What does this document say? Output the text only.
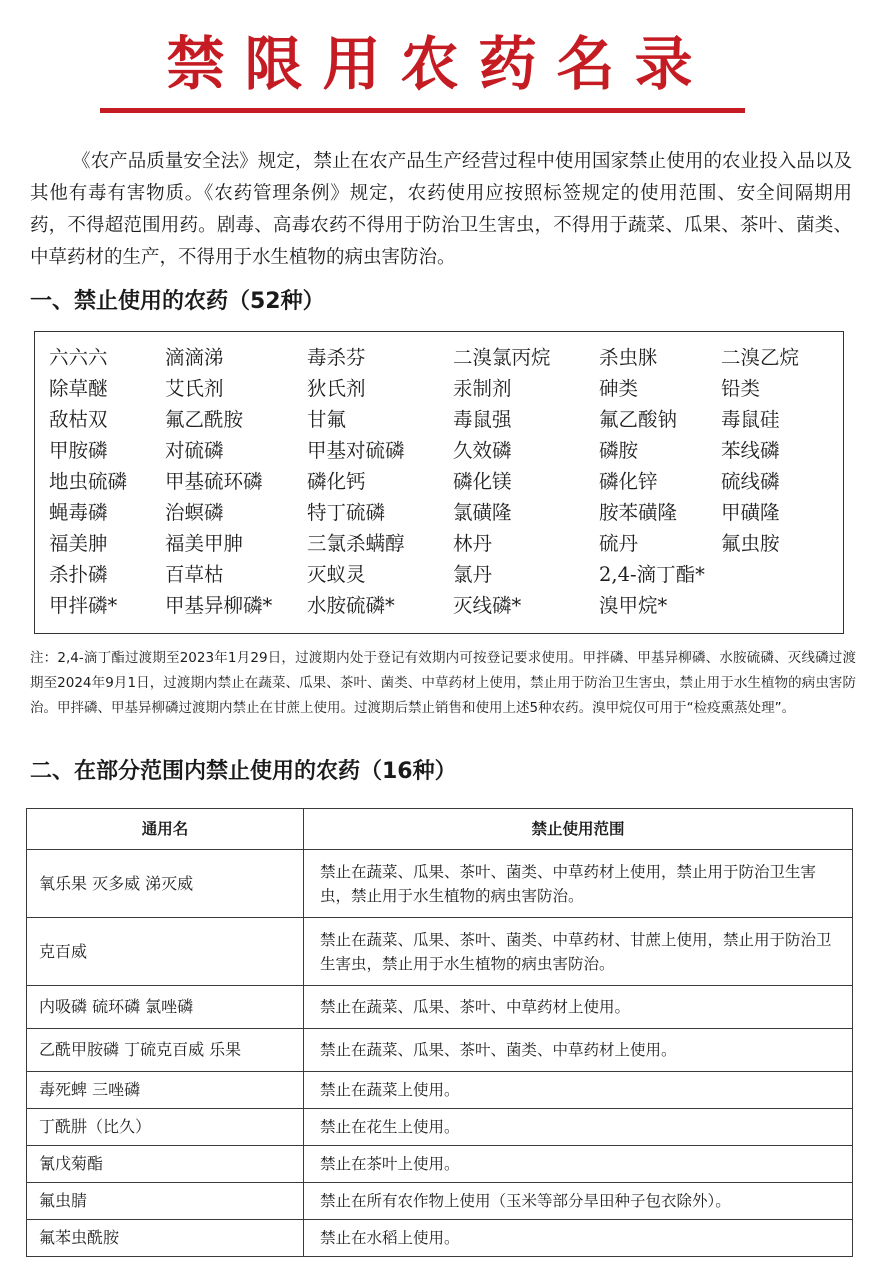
禁限用农药名录

《农产品质量安全法》规定，禁止在农产品生产经营过程中使用国家禁止使用的农业投入品以及其他有毒有害物质。《农药管理条例》规定，农药使用应按照标签规定的使用范围、安全间隔期用药，不得超范围用药。剧毒、高毒农药不得用于防治卫生害虫，不得用于蔬菜、瓜果、茶叶、菌类、中草药材的生产，不得用于水生植物的病虫害防治。

一、禁止使用的农药（52种）
六六六	滴滴涕	毒杀芬	二溴氯丙烷	杀虫脒	二溴乙烷
除草醚	艾氏剂	狄氏剂	汞制剂	砷类	铅类
敌枯双	氟乙酰胺	甘氟	毒鼠强	氟乙酸钠	毒鼠硅
甲胺磷	对硫磷	甲基对硫磷	久效磷	磷胺	苯线磷
地虫硫磷	甲基硫环磷	磷化钙	磷化镁	磷化锌	硫线磷
蝇毒磷	治螟磷	特丁硫磷	氯磺隆	胺苯磺隆	甲磺隆
福美胂	福美甲胂	三氯杀螨醇	林丹	硫丹	氟虫胺
杀扑磷	百草枯	灭蚁灵	氯丹	2,4-滴丁酯*
甲拌磷*	甲基异柳磷*	水胺硫磷*	灭线磷*	溴甲烷*

注：2,4-滴丁酯过渡期至2023年1月29日，过渡期内处于登记有效期内可按登记要求使用。甲拌磷、甲基异柳磷、水胺硫磷、灭线磷过渡期至2024年9月1日，过渡期内禁止在蔬菜、瓜果、茶叶、菌类、中草药材上使用，禁止用于防治卫生害虫，禁止用于水生植物的病虫害防治。甲拌磷、甲基异柳磷过渡期内禁止在甘蔗上使用。过渡期后禁止销售和使用上述5种农药。溴甲烷仅可用于“检疫熏蒸处理”。

二、在部分范围内禁止使用的农药（16种）
通用名	禁止使用范围
氧乐果 灭多威 涕灭威	禁止在蔬菜、瓜果、茶叶、菌类、中草药材上使用，禁止用于防治卫生害虫，禁止用于水生植物的病虫害防治。
克百威	禁止在蔬菜、瓜果、茶叶、菌类、中草药材、甘蔗上使用，禁止用于防治卫生害虫，禁止用于水生植物的病虫害防治。
内吸磷 硫环磷 氯唑磷	禁止在蔬菜、瓜果、茶叶、中草药材上使用。
乙酰甲胺磷 丁硫克百威 乐果	禁止在蔬菜、瓜果、茶叶、菌类、中草药材上使用。
毒死蜱 三唑磷	禁止在蔬菜上使用。
丁酰肼（比久）	禁止在花生上使用。
氰戊菊酯	禁止在茶叶上使用。
氟虫腈	禁止在所有农作物上使用（玉米等部分旱田种子包衣除外）。
氟苯虫酰胺	禁止在水稻上使用。
